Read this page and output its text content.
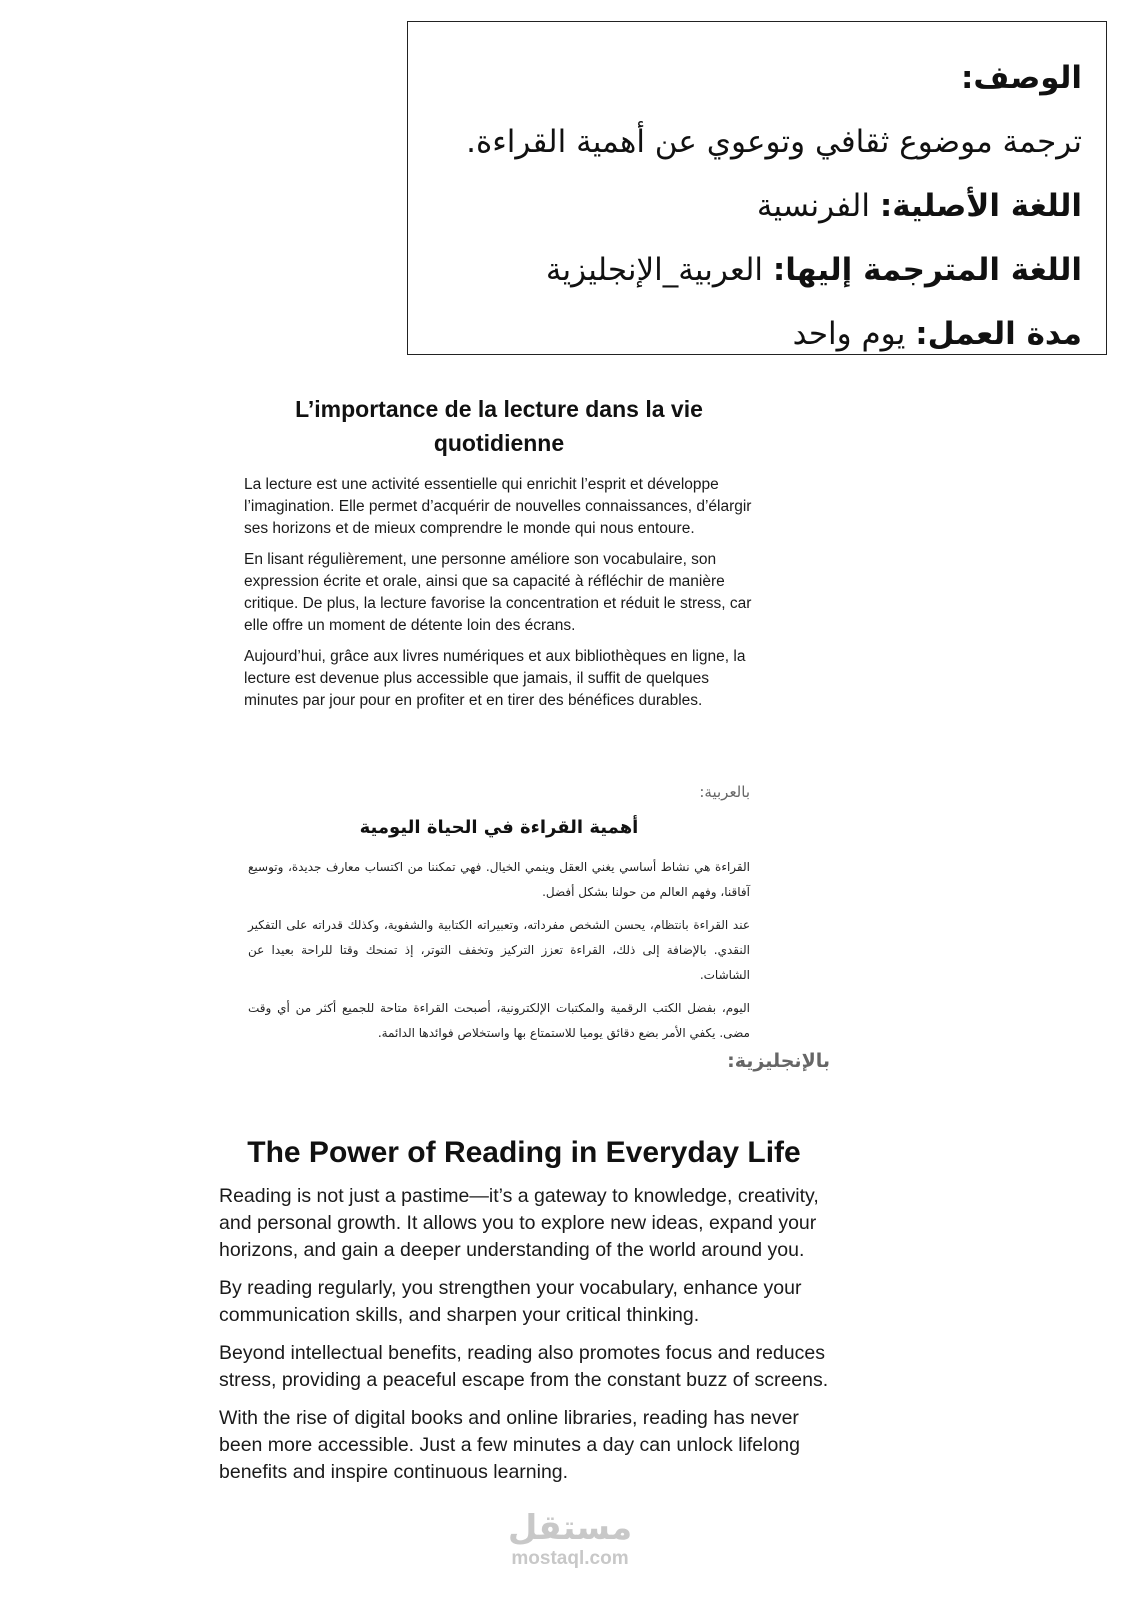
الوصف:
ترجمة موضوع ثقافي وتوعوي عن أهمية القراءة.
اللغة الأصلية: الفرنسية
اللغة المترجمة إليها: العربية_الإنجليزية
مدة العمل: يوم واحد
L’importance de la lecture dans la vie quotidienne

La lecture est une activité essentielle qui enrichit l’esprit et développe l’imagination. Elle permet d’acquérir de nouvelles connaissances, d’élargir ses horizons et de mieux comprendre le monde qui nous entoure.

En lisant régulièrement, une personne améliore son vocabulaire, son expression écrite et orale, ainsi que sa capacité à réfléchir de manière critique. De plus, la lecture favorise la concentration et réduit le stress, car elle offre un moment de détente loin des écrans.

Aujourd’hui, grâce aux livres numériques et aux bibliothèques en ligne, la lecture est devenue plus accessible que jamais, il suffit de quelques minutes par jour pour en profiter et en tirer des bénéfices durables.

بالعربية:
أهمية القراءة في الحياة اليومية

القراءة هي نشاط أساسي يغني العقل وينمي الخيال. فهي تمكننا من اكتساب معارف جديدة، وتوسيع آفاقنا، وفهم العالم من حولنا بشكل أفضل.

عند القراءة بانتظام، يحسن الشخص مفرداته، وتعبيراته الكتابية والشفوية، وكذلك قدراته على التفكير النقدي. بالإضافة إلى ذلك، القراءة تعزز التركيز وتخفف التوتر، إذ تمنحك وقتا للراحة بعيدا عن الشاشات.

اليوم، بفضل الكتب الرقمية والمكتبات الإلكترونية، أصبحت القراءة متاحة للجميع أكثر من أي وقت مضى. يكفي الأمر بضع دقائق يوميا للاستمتاع بها واستخلاص فوائدها الدائمة.

بالإنجليزية:
The Power of Reading in Everyday Life

Reading is not just a pastime—it’s a gateway to knowledge, creativity, and personal growth. It allows you to explore new ideas, expand your horizons, and gain a deeper understanding of the world around you.

By reading regularly, you strengthen your vocabulary, enhance your communication skills, and sharpen your critical thinking.

Beyond intellectual benefits, reading also promotes focus and reduces stress, providing a peaceful escape from the constant buzz of screens.

With the rise of digital books and online libraries, reading has never been more accessible. Just a few minutes a day can unlock lifelong benefits and inspire continuous learning.

مستقل
mostaql.com
